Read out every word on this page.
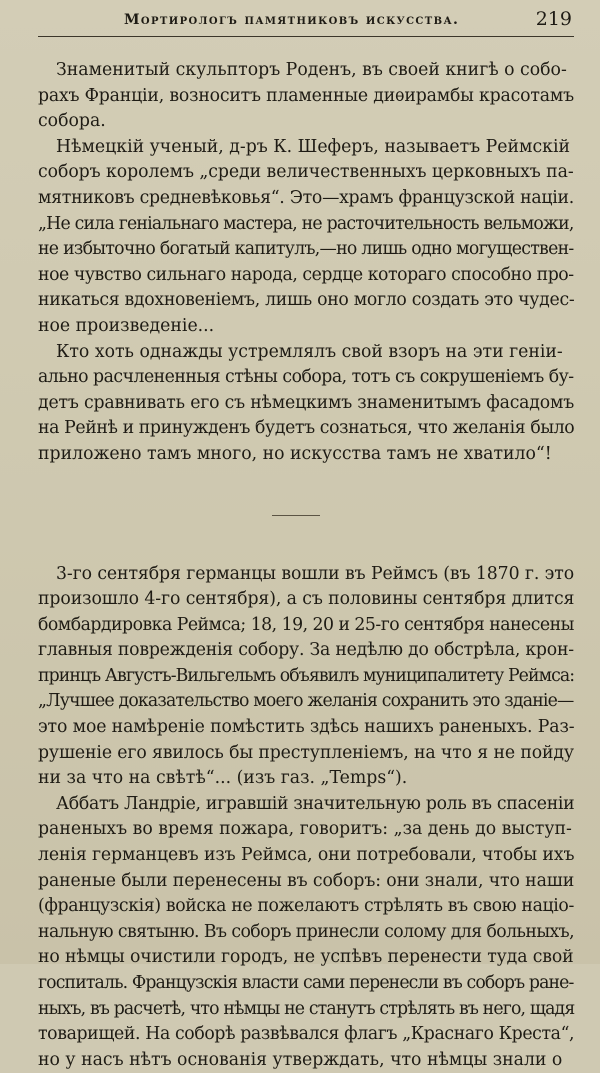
Мортирологъ памятниковъ искусства.	219

Знаменитый скульпторъ Роденъ, въ своей книгѣ о собо-
рахъ Франціи, возноситъ пламенные диѳирамбы красотамъ
собора.

Нѣмецкій ученый, д-ръ К. Шеферъ, называетъ Реймскій
соборъ королемъ „среди величественныхъ церковныхъ па-
мятниковъ средневѣковья“. Это—храмъ французской націи.
„Не сила геніальнаго мастера, не расточительность вельможи,
не избыточно богатый капитулъ,—но лишь одно могуществен-
ное чувство сильнаго народа, сердце котораго способно про-
никаться вдохновеніемъ, лишь оно могло создать это чудес-
ное произведеніе...

Кто хоть однажды устремлялъ свой взоръ на эти геніи-
ально расчлененныя стѣны собора, тотъ съ сокрушеніемъ бу-
детъ сравнивать его съ нѣмецкимъ знаменитымъ фасадомъ
на Рейнѣ и принужденъ будетъ сознаться, что желанія было
приложено тамъ много, но искусства тамъ не хватило“!

3-го сентября германцы вошли въ Реймсъ (въ 1870 г. это
произошло 4-го сентября), а съ половины сентября длится
бомбардировка Реймса; 18, 19, 20 и 25-го сентября нанесены
главныя поврежденія собору. За недѣлю до обстрѣла, крон-
принцъ Августъ-Вильгельмъ объявилъ муниципалитету Реймса:
„Лучшее доказательство моего желанія сохранить это зданіе—
это мое намѣреніе помѣстить здѣсь нашихъ раненыхъ. Раз-
рушеніе его явилось бы преступленіемъ, на что я не пойду
ни за что на свѣтѣ“... (изъ газ. „Temps“).

Аббатъ Ландріе, игравшій значительную роль въ спасеніи
раненыхъ во время пожара, говоритъ: „за день до выступ-
ленія германцевъ изъ Реймса, они потребовали, чтобы ихъ
раненые были перенесены въ соборъ: они знали, что наши
(французскія) войска не пожелаютъ стрѣлять въ свою націо-
нальную святыню. Въ соборъ принесли солому для больныхъ,
но нѣмцы очистили городъ, не успѣвъ перенести туда свой
госпиталь. Французскія власти сами перенесли въ соборъ ране-
ныхъ, въ расчетѣ, что нѣмцы не станутъ стрѣлять въ него, щадя
товарищей. На соборѣ развѣвался флагъ „Краснаго Креста“,
но у насъ нѣтъ основанія утверждать, что нѣмцы знали о
